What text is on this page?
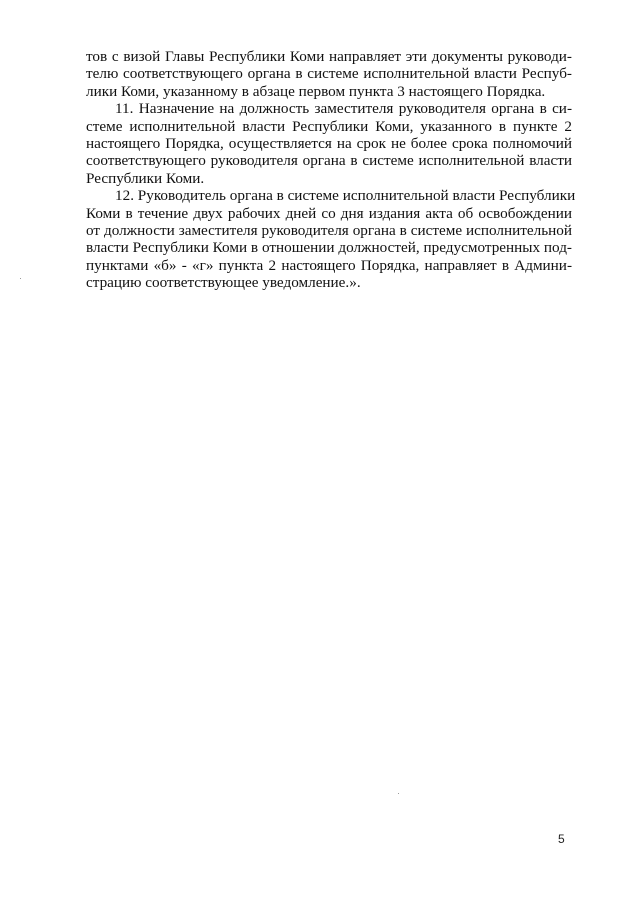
тов с визой Главы Республики Коми направляет эти документы руководи-
телю соответствующего органа в системе исполнительной власти Респуб-
лики Коми, указанному в абзаце первом пункта 3 настоящего Порядка.

11. Назначение на должность заместителя руководителя органа в си-
стеме исполнительной власти Республики Коми, указанного в пункте 2
настоящего Порядка, осуществляется на срок не более срока полномочий
соответствующего руководителя органа в системе исполнительной власти
Республики Коми.

12. Руководитель органа в системе исполнительной власти Республики
Коми в течение двух рабочих дней со дня издания акта об освобождении
от должности заместителя руководителя органа в системе исполнительной
власти Республики Коми в отношении должностей, предусмотренных под-
пунктами «б» - «г» пункта 2 настоящего Порядка, направляет в Админи-
страцию соответствующее уведомление.».

5
